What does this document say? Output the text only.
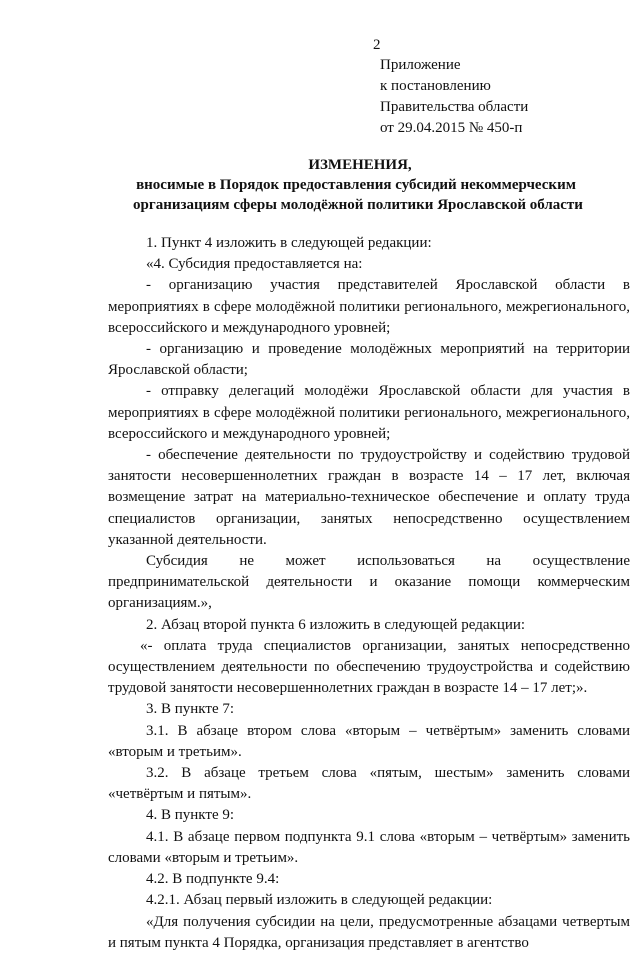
2
Приложение
к постановлению
Правительства области
от 29.04.2015 № 450-п
ИЗМЕНЕНИЯ,
вносимые в Порядок предоставления субсидий некоммерческим
организациям сферы молодёжной политики Ярославской области

1. Пункт 4 изложить в следующей редакции:

«4. Субсидия предоставляется на:

- организацию участия представителей Ярославской области в мероприятиях в сфере молодёжной политики регионального, межрегионального, всероссийского и международного уровней;

- организацию и проведение молодёжных мероприятий на территории Ярославской области;

- отправку делегаций молодёжи Ярославской области для участия в мероприятиях в сфере молодёжной политики регионального, межрегионального, всероссийского и международного уровней;

- обеспечение деятельности по трудоустройству и содействию трудовой занятости несовершеннолетних граждан в возрасте 14 – 17 лет, включая возмещение затрат на материально-техническое обеспечение и оплату труда специалистов организации, занятых непосредственно осуществлением указанной деятельности.

Субсидия не может использоваться на осуществление предпринимательской деятельности и оказание помощи коммерческим организациям.»,

2. Абзац второй пункта 6 изложить в следующей редакции:

«- оплата труда специалистов организации, занятых непосредственно осуществлением деятельности по обеспечению трудоустройства и содействию трудовой занятости несовершеннолетних граждан в возрасте 14 – 17 лет;».

3. В пункте 7:

3.1. В абзаце втором слова «вторым – четвёртым» заменить словами «вторым и третьим».

3.2. В абзаце третьем слова «пятым, шестым» заменить словами «четвёртым и пятым».

4. В пункте 9:

4.1. В абзаце первом подпункта 9.1 слова «вторым – четвёртым» заменить словами «вторым и третьим».

4.2. В подпункте 9.4:

4.2.1. Абзац первый изложить в следующей редакции:

«Для получения субсидии на цели, предусмотренные абзацами четвертым и пятым пункта 4 Порядка, организация представляет в агентство
